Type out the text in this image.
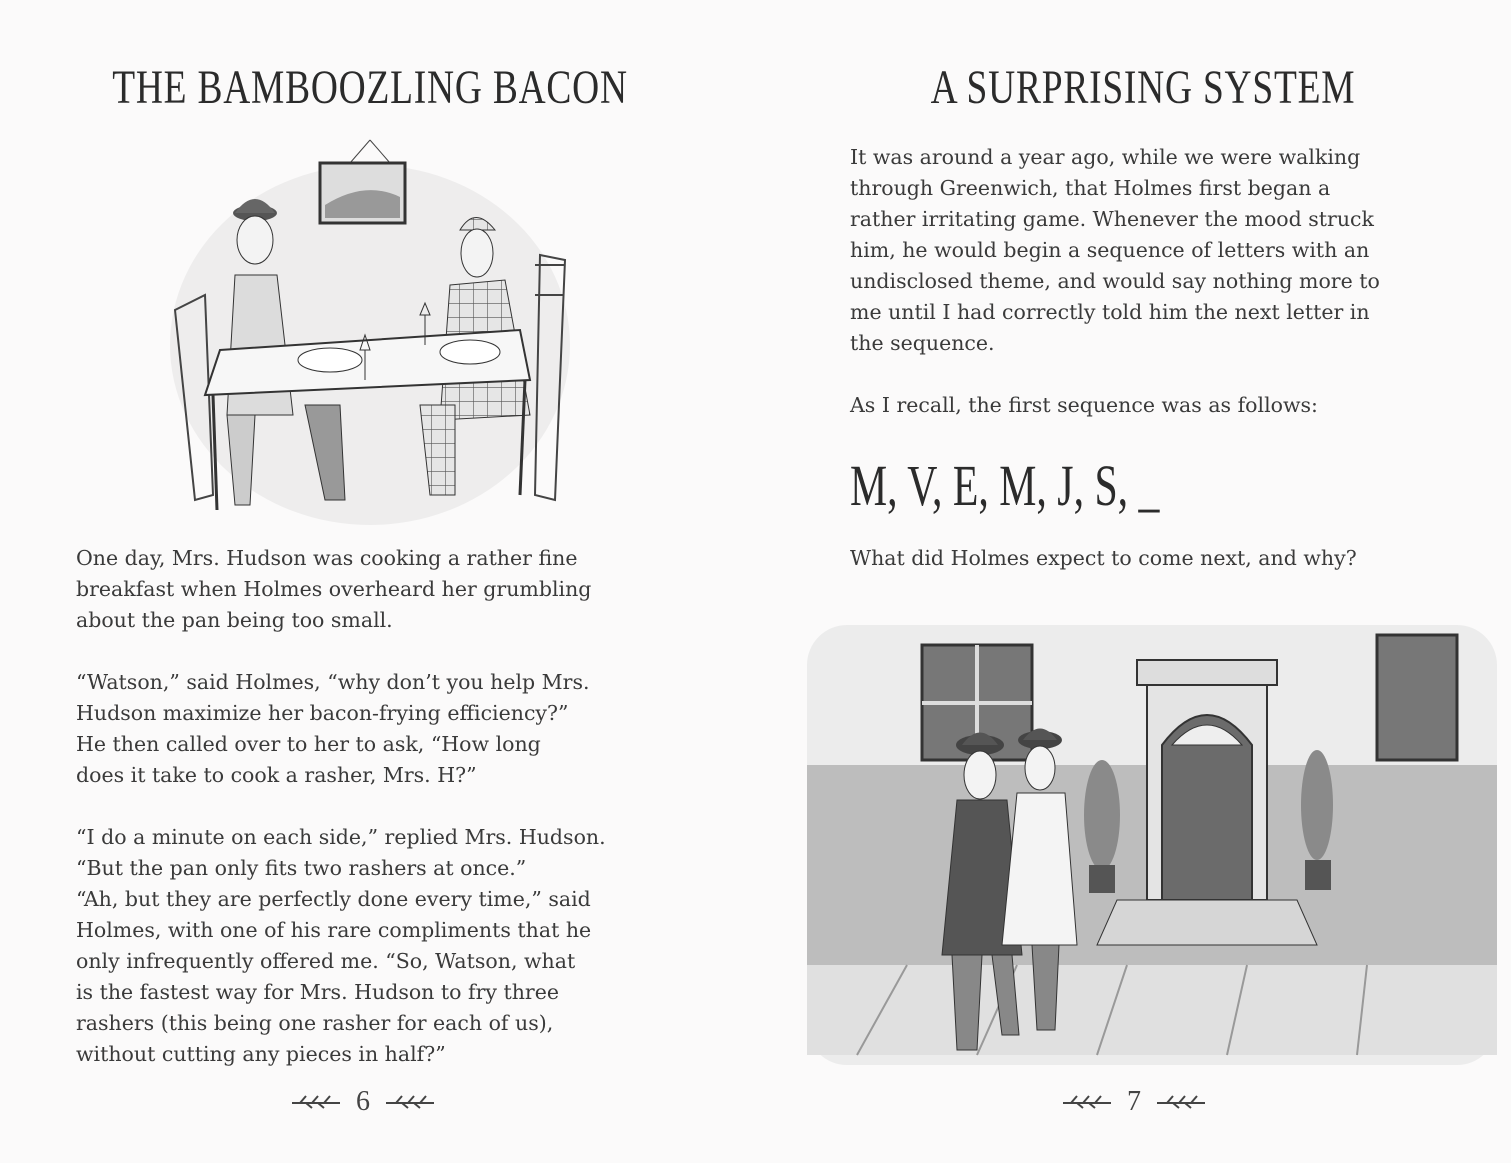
THE BAMBOOZLING BACON

One day, Mrs. Hudson was cooking a rather fine
breakfast when Holmes overheard her grumbling
about the pan being too small.

“Watson,” said Holmes, “why don’t you help Mrs.
Hudson maximize her bacon-frying efficiency?”
He then called over to her to ask, “How long
does it take to cook a rasher, Mrs. H?”

“I do a minute on each side,” replied Mrs. Hudson.
“But the pan only fits two rashers at once.”
“Ah, but they are perfectly done every time,” said
Holmes, with one of his rare compliments that he
only infrequently offered me. “So, Watson, what
is the fastest way for Mrs. Hudson to fry three
rashers (this being one rasher for each of us),
without cutting any pieces in half?”

6
A SURPRISING SYSTEM

It was around a year ago, while we were walking
through Greenwich, that Holmes first began a
rather irritating game. Whenever the mood struck
him, he would begin a sequence of letters with an
undisclosed theme, and would say nothing more to
me until I had correctly told him the next letter in
the sequence.

As I recall, the first sequence was as follows:

M, V, E, M, J, S, _
What did Holmes expect to come next, and why?
7
